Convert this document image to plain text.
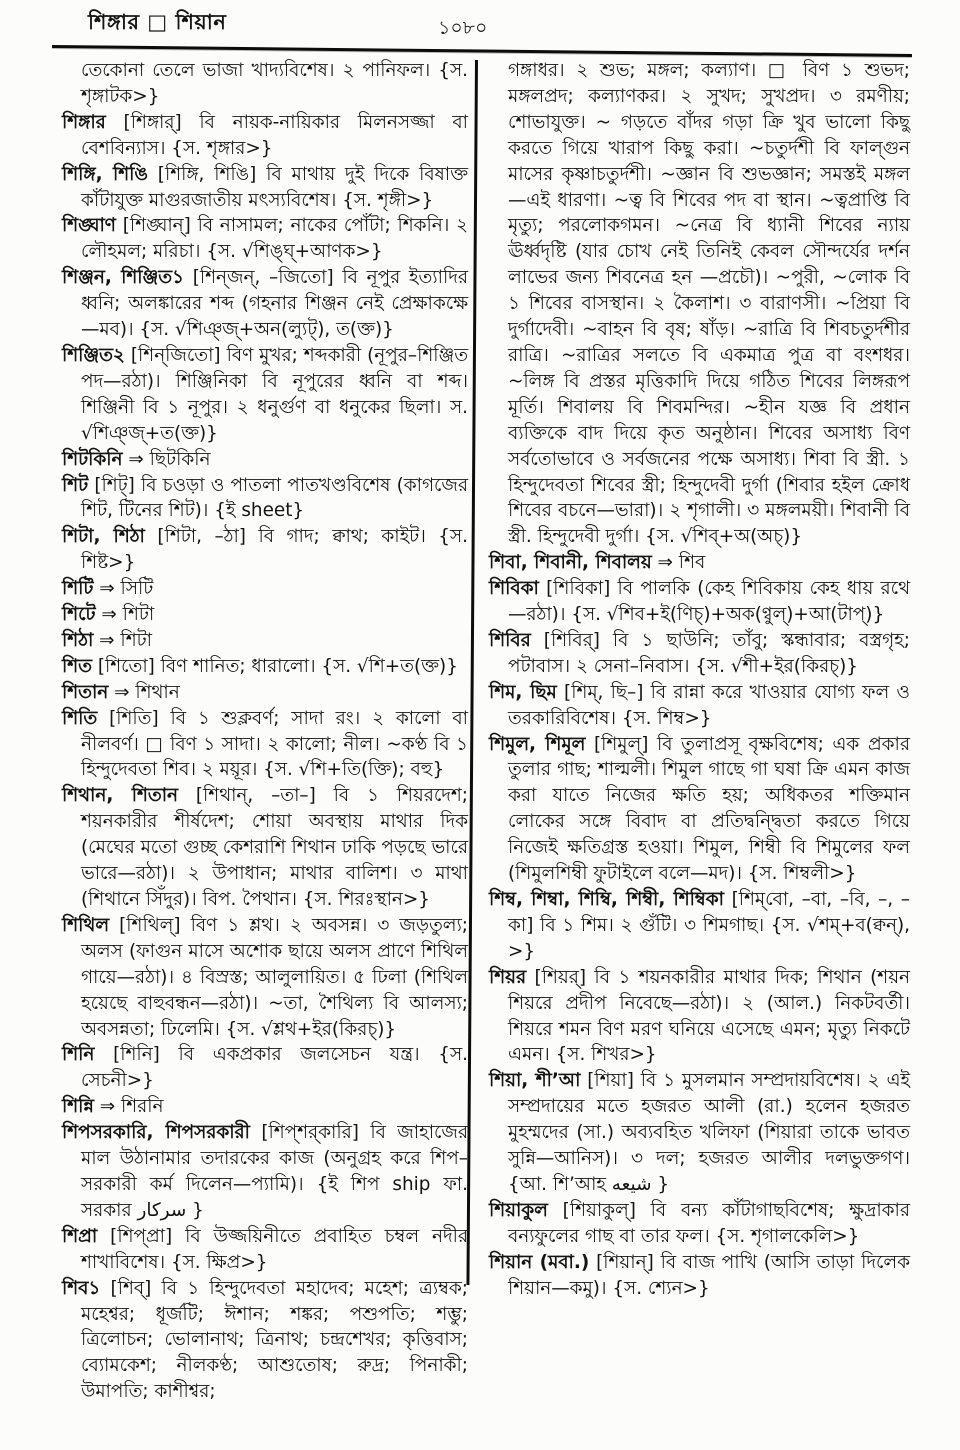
শিঙ্গার □ শিয়ান	১০৮০

তেকোনা তেলে ভাজা খাদ্যবিশেষ। ২ পানিফল। {স. শৃঙ্গাটক>}

শিঙ্গার [শিঙ্গার্] বি নায়ক-নায়িকার মিলনসজ্জা বা বেশবিন্যাস। {স. শৃঙ্গার>}

শিঙ্গি, শিঙি [শিঙ্গি, শিঙি] বি মাথায় দুই দিকে বিষাক্ত কাঁটাযুক্ত মাগুরজাতীয় মৎস্যবিশেষ। {স. শৃঙ্গী>}

শিঙ্ঘাণ [শিঙ্ঘান্] বি নাসামল; নাকের পোঁটা; শিকনি। ২ লৌহমল; মরিচা। {স. √শিঙ্ঘ্+আণক>}

শিঞ্জন, শিঞ্জিত১ [শিন্‌জন্, –জিতো] বি নূপুর ইত্যাদির ধ্বনি; অলঙ্কারের শব্দ (গহনার শিঞ্জন নেই প্রেক্ষাকক্ষে —মব)। {স. √শিঞ্জ্+অন(ল্যুট্), ত(ক্ত)}

শিঞ্জিত২ [শিন্‌জিতো] বিণ মুখর; শব্দকারী (নূপুর–শিঞ্জিত পদ—রঠা)। শিঞ্জিনিকা বি নূপুরের ধ্বনি বা শব্দ। শিঞ্জিনী বি ১ নূপুর। ২ ধনুর্গুণ বা ধনুকের ছিলা। স. √শিঞ্জ্+ত(ক্ত)}

শিটকিনি ⇒ ছিটকিনি

শিট [শিট্] বি চওড়া ও পাতলা পাতখণ্ডবিশেষ (কাগজের শিট, টিনের শিট)। {ই sheet}

শিটা, শিঠা [শিটা, –ঠা] বি গাদ; ক্বাথ; কাইট। {স. শিষ্ট>}

শিটি ⇒ সিটি

শিটে ⇒ শিটা

শিঠা ⇒ শিটা

শিত [শিতো] বিণ শানিত; ধারালো। {স. √শি+ত(ক্ত)}

শিতান ⇒ শিথান

শিতি [শিতি] বি ১ শুক্লবর্ণ; সাদা রং। ২ কালো বা নীলবর্ণ। □ বিণ ১ সাদা। ২ কালো; নীল। ~কণ্ঠ বি ১ হিন্দুদেবতা শিব। ২ ময়ূর। {স. √শি+তি(ক্তি); বহু}

শিথান, শিতান [শিথান্, –তা–] বি ১ শিয়রদেশ; শয়নকারীর শীর্ষদেশ; শোয়া অবস্থায় মাথার দিক (মেঘের মতো গুচ্ছ কেশরাশি শিথান ঢাকি পড়ছে ভারে ভারে—রঠা)। ২ উপাধান; মাথার বালিশ। ৩ মাথা (শিথানে সিঁদুর)। বিপ. পৈথান। {স. শিরঃস্থান>}

শিথিল [শিথিল্] বিণ ১ শ্লথ। ২ অবসন্ন। ৩ জড়তুল্য; অলস (ফাগুন মাসে অশোক ছায়ে অলস প্রাণে শিথিল গায়ে—রঠা)। ৪ বিস্রস্ত; আলুলায়িত। ৫ ঢিলা (শিথিল হয়েছে বাহুবন্ধন—রঠা)। ~তা, শৈথিল্য বি আলস্য; অবসন্নতা; ঢিলেমি। {স. √শ্লথ+ইর(কিরচ্)}

শিনি [শিনি] বি একপ্রকার জলসেচন যন্ত্র। {স. সেচনী>}

শিন্নি ⇒ শিরনি

শিপসরকারি, শিপসরকারী [শিপ্‌শর্‌কারি] বি জাহাজের মাল উঠানামার তদারকের কাজ (অনুগ্রহ করে শিপ–সরকারী কর্ম দিলেন—প্যামি)। {ই শিপ ship ফা. সরকার سركار }

শিপ্রা [শিপ্‌প্রা] বি উজ্জয়িনীতে প্রবাহিত চম্বল নদীর শাখাবিশেষ। {স. ক্ষিপ্র>}

শিব১ [শিব্] বি ১ হিন্দুদেবতা মহাদেব; মহেশ; ত্র্যম্বক; মহেশ্বর; ধূর্জটি; ঈশান; শঙ্কর; পশুপতি; শম্ভু; ত্রিলোচন; ভোলানাথ; ত্রিনাথ; চন্দ্রশেখর; কৃত্তিবাস; ব্যোমকেশ; নীলকণ্ঠ; আশুতোষ; রুদ্র; পিনাকী; উমাপতি; কাশীশ্বর;

গঙ্গাধর। ২ শুভ; মঙ্গল; কল্যাণ। □ বিণ ১ শুভদ; মঙ্গলপ্রদ; কল্যাণকর। ২ সুখদ; সুখপ্রদ। ৩ রমণীয়; শোভাযুক্ত। ~ গড়তে বাঁদর গড়া ক্রি খুব ভালো কিছু করতে গিয়ে খারাপ কিছু করা। ~চতুর্দশী বি ফাল্গুন মাসের কৃষ্ণাচতুর্দশী। ~জ্ঞান বি শুভজ্ঞান; সমস্তই মঙ্গল—এই ধারণা। ~ত্ব বি শিবের পদ বা স্থান। ~ত্বপ্রাপ্তি বি মৃত্যু; পরলোকগমন। ~নেত্র বি ধ্যানী শিবের ন্যায় ঊর্ধ্বদৃষ্টি (যার চোখ নেই তিনিই কেবল সৌন্দর্যের দর্শন লাভের জন্য শিবনেত্র হন —প্রচৌ)। ~পুরী, ~লোক বি ১ শিবের বাসস্থান। ২ কৈলাশ। ৩ বারাণসী। ~প্রিয়া বি দুর্গাদেবী। ~বাহন বি বৃষ; ষাঁড়। ~রাত্রি বি শিবচতুর্দশীর রাত্রি। ~রাত্রির সলতে বি একমাত্র পুত্র বা বংশধর। ~লিঙ্গ বি প্রস্তর মৃত্তিকাদি দিয়ে গঠিত শিবের লিঙ্গরূপ মূর্তি। শিবালয় বি শিবমন্দির। ~হীন যজ্ঞ বি প্রধান ব্যক্তিকে বাদ দিয়ে কৃত অনুষ্ঠান। শিবের অসাধ্য বিণ সর্বতোভাবে ও সর্বজনের পক্ষে অসাধ্য। শিবা বি স্ত্রী. ১ হিন্দুদেবতা শিবের স্ত্রী; হিন্দুদেবী দুর্গা (শিবার হইল ক্রোধ শিবের বচনে—ভারা)। ২ শৃগালী। ৩ মঙ্গলময়ী। শিবানী বি স্ত্রী. হিন্দুদেবী দুর্গা। {স. √শিব্+অ(অচ্)}

শিবা, শিবানী, শিবালয় ⇒ শিব

শিবিকা [শিবিকা] বি পালকি (কেহ শিবিকায় কেহ ধায় রথে—রঠা)। {স. √শিব+ই(ণিচ্)+অক(ণ্বুল্)+আ(টাপ্)}

শিবির [শিবির্] বি ১ ছাউনি; তাঁবু; স্কন্ধাবার; বস্ত্রগৃহ; পটাবাস। ২ সেনা–নিবাস। {স. √শী+ইর(কিরচ্)}

শিম, ছিম [শিম্, ছি–] বি রান্না করে খাওয়ার যোগ্য ফল ও তরকারিবিশেষ। {স. শিম্ব>}

শিমুল, শিমূল [শিমুল্] বি তুলাপ্রসূ বৃক্ষবিশেষ; এক প্রকার তুলার গাছ; শাল্মলী। শিমুল গাছে গা ঘষা ক্রি এমন কাজ করা যাতে নিজের ক্ষতি হয়; অধিকতর শক্তিমান লোকের সঙ্গে বিবাদ বা প্রতিদ্বন্দ্বিতা করতে গিয়ে নিজেই ক্ষতিগ্রস্ত হওয়া। শিমুল, শিম্বী বি শিমুলের ফল (শিমুলশিম্বী ফুটাইলে বলে—মদ)। {স. শিম্বলী>}

শিম্ব, শিম্বা, শিম্বি, শিম্বী, শিম্বিকা [শিম্‌বো, –বা, –বি, –, –কা] বি ১ শিম। ২ গুঁটি। ৩ শিমগাছ। {স. √শম্+ব(ক্বন্), >}

শিয়র [শিয়র্] বি ১ শয়নকারীর মাথার দিক; শিথান (শয়ন শিয়রে প্রদীপ নিবেছে—রঠা)। ২ (আল.) নিকটবর্তী। শিয়রে শমন বিণ মরণ ঘনিয়ে এসেছে এমন; মৃত্যু নিকটে এমন। {স. শিখর>}

শিয়া, শী’আ [শিয়া] বি ১ মুসলমান সম্প্রদায়বিশেষ। ২ এই সম্প্রদায়ের মতে হজরত আলী (রা.) হলেন হজরত মুহম্মদের (সা.) অব্যবহিত খলিফা (শিয়ারা তাকে ভাবত সুন্নি—আনিস)। ৩ দল; হজরত আলীর দলভুক্তগণ। {আ. শি’আহ شيعه }

শিয়াকুল [শিয়াকুল্] বি বন্য কাঁটাগাছবিশেষ; ক্ষুদ্রাকার বন্যফুলের গাছ বা তার ফল। {স. শৃগালকেলি>}

শিয়ান (মবা.) [শিয়ান্] বি বাজ পাখি (আসি তাড়া দিলেক শিয়ান—কমু)। {স. শ্যেন>}
